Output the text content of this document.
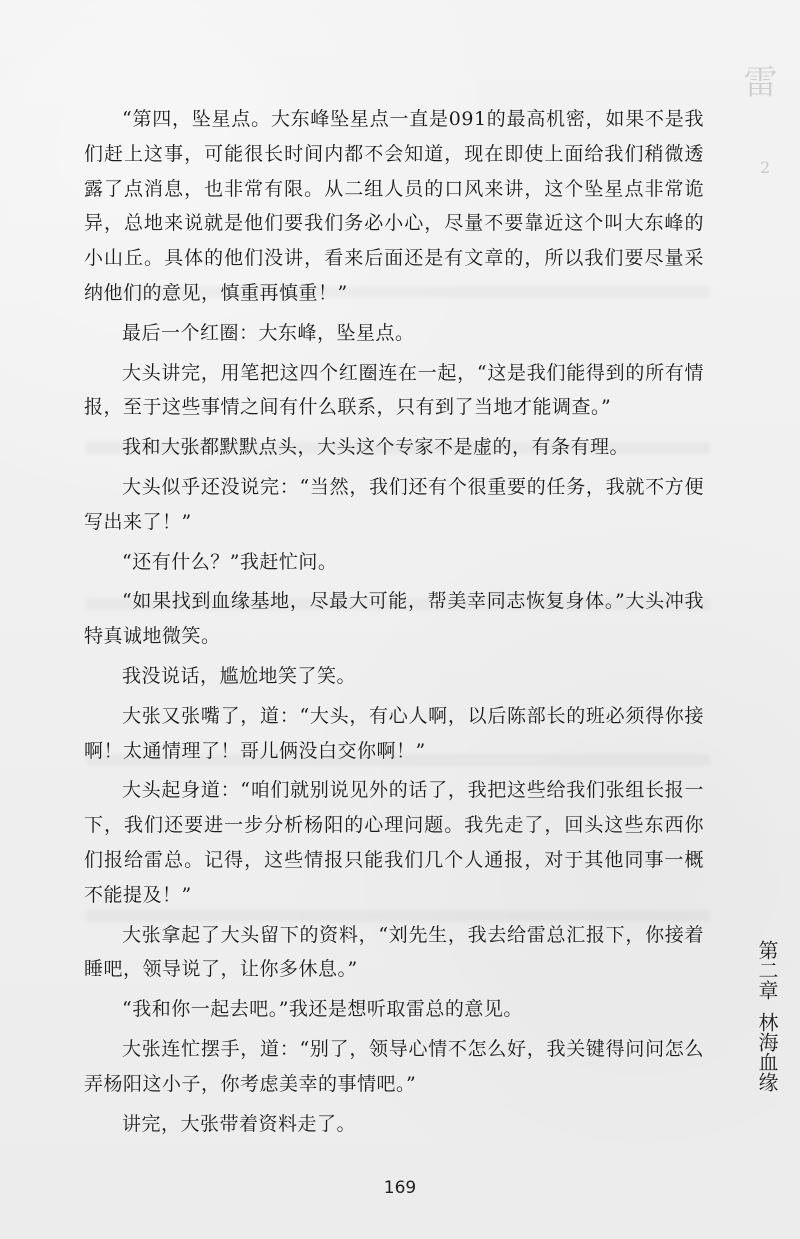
雷
2

“第四，坠星点。大东峰坠星点一直是091的最高机密，如果不是我们赶上这事，可能很长时间内都不会知道，现在即使上面给我们稍微透露了点消息，也非常有限。从二组人员的口风来讲，这个坠星点非常诡异，总地来说就是他们要我们务必小心，尽量不要靠近这个叫大东峰的小山丘。具体的他们没讲，看来后面还是有文章的，所以我们要尽量采纳他们的意见，慎重再慎重！”

最后一个红圈：大东峰，坠星点。

大头讲完，用笔把这四个红圈连在一起，“这是我们能得到的所有情报，至于这些事情之间有什么联系，只有到了当地才能调查。”

我和大张都默默点头，大头这个专家不是虚的，有条有理。

大头似乎还没说完：“当然，我们还有个很重要的任务，我就不方便写出来了！”

“还有什么？”我赶忙问。

“如果找到血缘基地，尽最大可能，帮美幸同志恢复身体。”大头冲我特真诚地微笑。

我没说话，尴尬地笑了笑。

大张又张嘴了，道：“大头，有心人啊，以后陈部长的班必须得你接啊！太通情理了！哥儿俩没白交你啊！”

大头起身道：“咱们就别说见外的话了，我把这些给我们张组长报一下，我们还要进一步分析杨阳的心理问题。我先走了，回头这些东西你们报给雷总。记得，这些情报只能我们几个人通报，对于其他同事一概不能提及！”

大张拿起了大头留下的资料，“刘先生，我去给雷总汇报下，你接着睡吧，领导说了，让你多休息。”

“我和你一起去吧。”我还是想听取雷总的意见。

大张连忙摆手，道：“别了，领导心情不怎么好，我关键得问问怎么弄杨阳这小子，你考虑美幸的事情吧。”

讲完，大张带着资料走了。

第二章林海血缘
169
